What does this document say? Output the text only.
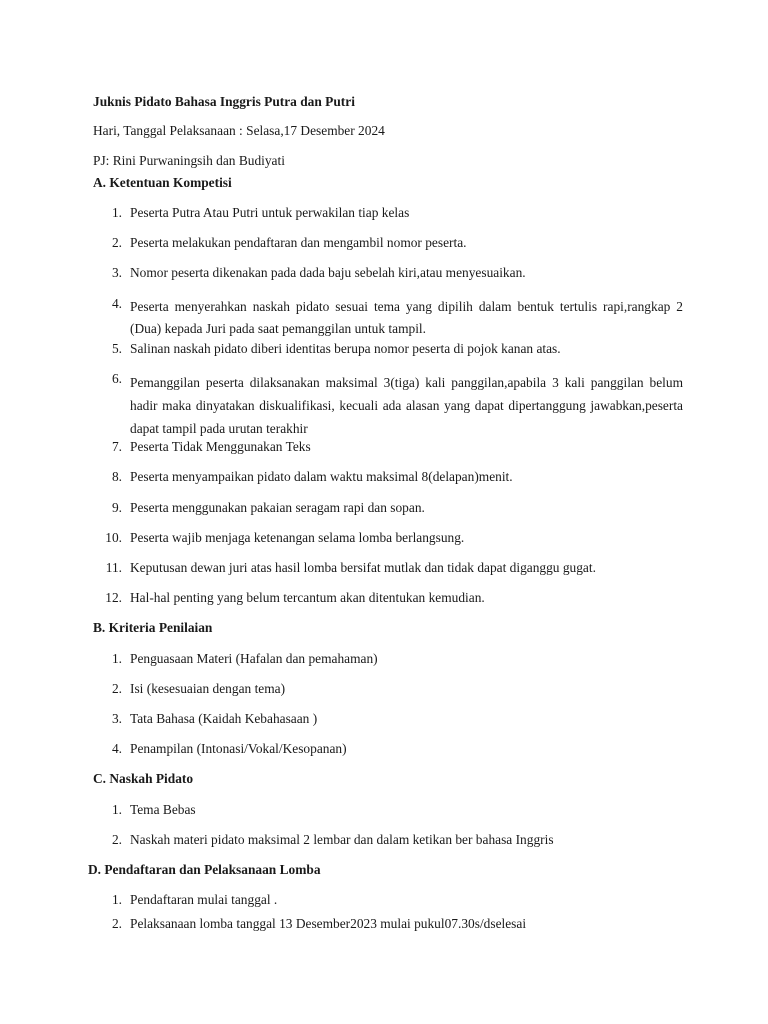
Juknis Pidato Bahasa Inggris Putra dan Putri
Hari, Tanggal Pelaksanaan : Selasa,17 Desember 2024
PJ: Rini Purwaningsih dan Budiyati
A. Ketentuan Kompetisi
1. Peserta Putra Atau Putri untuk perwakilan tiap kelas
2. Peserta melakukan pendaftaran dan mengambil nomor peserta.
3. Nomor peserta dikenakan pada dada baju sebelah kiri,atau menyesuaikan.
4. Peserta menyerahkan naskah pidato sesuai tema yang dipilih dalam bentuk tertulis rapi,rangkap 2 (Dua) kepada Juri pada saat pemanggilan untuk tampil.
5. Salinan naskah pidato diberi identitas berupa nomor peserta di pojok kanan atas.
6. Pemanggilan peserta dilaksanakan maksimal 3(tiga) kali panggilan,apabila 3 kali panggilan belum hadir maka dinyatakan diskualifikasi, kecuali ada alasan yang dapat dipertanggung jawabkan,peserta dapat tampil pada urutan terakhir
7. Peserta Tidak Menggunakan Teks
8. Peserta menyampaikan pidato dalam waktu maksimal 8(delapan)menit.
9. Peserta menggunakan pakaian seragam rapi dan sopan.
10. Peserta wajib menjaga ketenangan selama lomba berlangsung.
11. Keputusan dewan juri atas hasil lomba bersifat mutlak dan tidak dapat diganggu gugat.
12. Hal-hal penting yang belum tercantum akan ditentukan kemudian.
B. Kriteria Penilaian
1. Penguasaan Materi (Hafalan dan pemahaman)
2. Isi (kesesuaian dengan tema)
3. Tata Bahasa (Kaidah Kebahasaan )
4. Penampilan (Intonasi/Vokal/Kesopanan)
C. Naskah Pidato
1. Tema Bebas
2. Naskah materi pidato maksimal 2 lembar dan dalam ketikan ber bahasa Inggris
D. Pendaftaran dan Pelaksanaan Lomba
1. Pendaftaran mulai tanggal .
2. Pelaksanaan lomba tanggal 13 Desember2023 mulai pukul07.30s/dselesai
